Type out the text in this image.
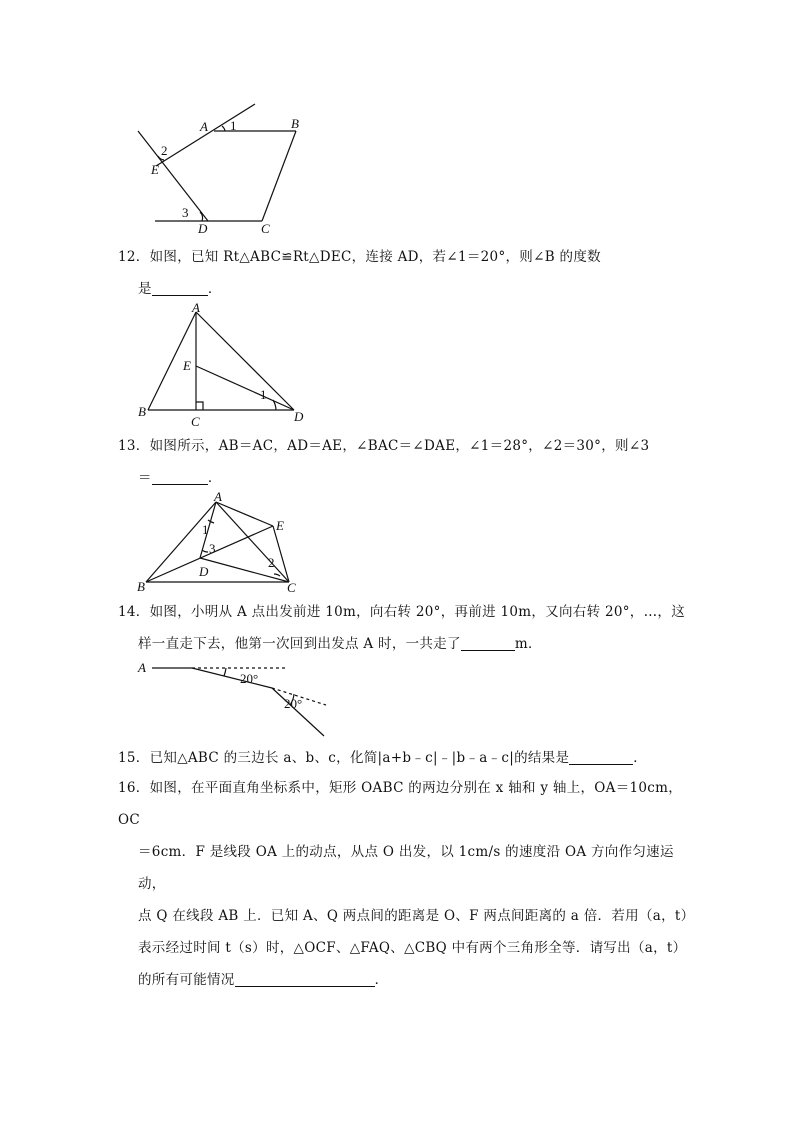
A 1	B
2
E
3
D	C
12．如图，已知 Rt△ABC≌Rt△DEC，连接 AD，若∠1＝20°，则∠B 的度数
是	．
A
E
B
C	D
1
13．如图所示，AB＝AC，AD＝AE，∠BAC＝∠DAE，∠1＝28°，∠2＝30°，则∠3
＝	．
A
1	E
3
D
2
B	C
14．如图，小明从 A 点出发前进 10m，向右转 20°，再前进 10m，又向右转 20°，…，这
样一直走下去，他第一次回到出发点 A 时，一共走了	m．
A
20°
20°
15．已知△ABC 的三边长 a、b、c，化简|a+b﹣c|﹣|b﹣a﹣c|的结果是	．
16．如图，在平面直角坐标系中，矩形 OABC 的两边分别在 x 轴和 y 轴上，OA＝10cm，OC
＝6cm．F 是线段 OA 上的动点，从点 O 出发，以 1cm/s 的速度沿 OA 方向作匀速运动，
点 Q 在线段 AB 上．已知 A、Q 两点间的距离是 O、F 两点间距离的 a 倍．若用（a，t）
表示经过时间 t（s）时，△OCF、△FAQ、△CBQ 中有两个三角形全等．请写出（a，t）
的所有可能情况	．
